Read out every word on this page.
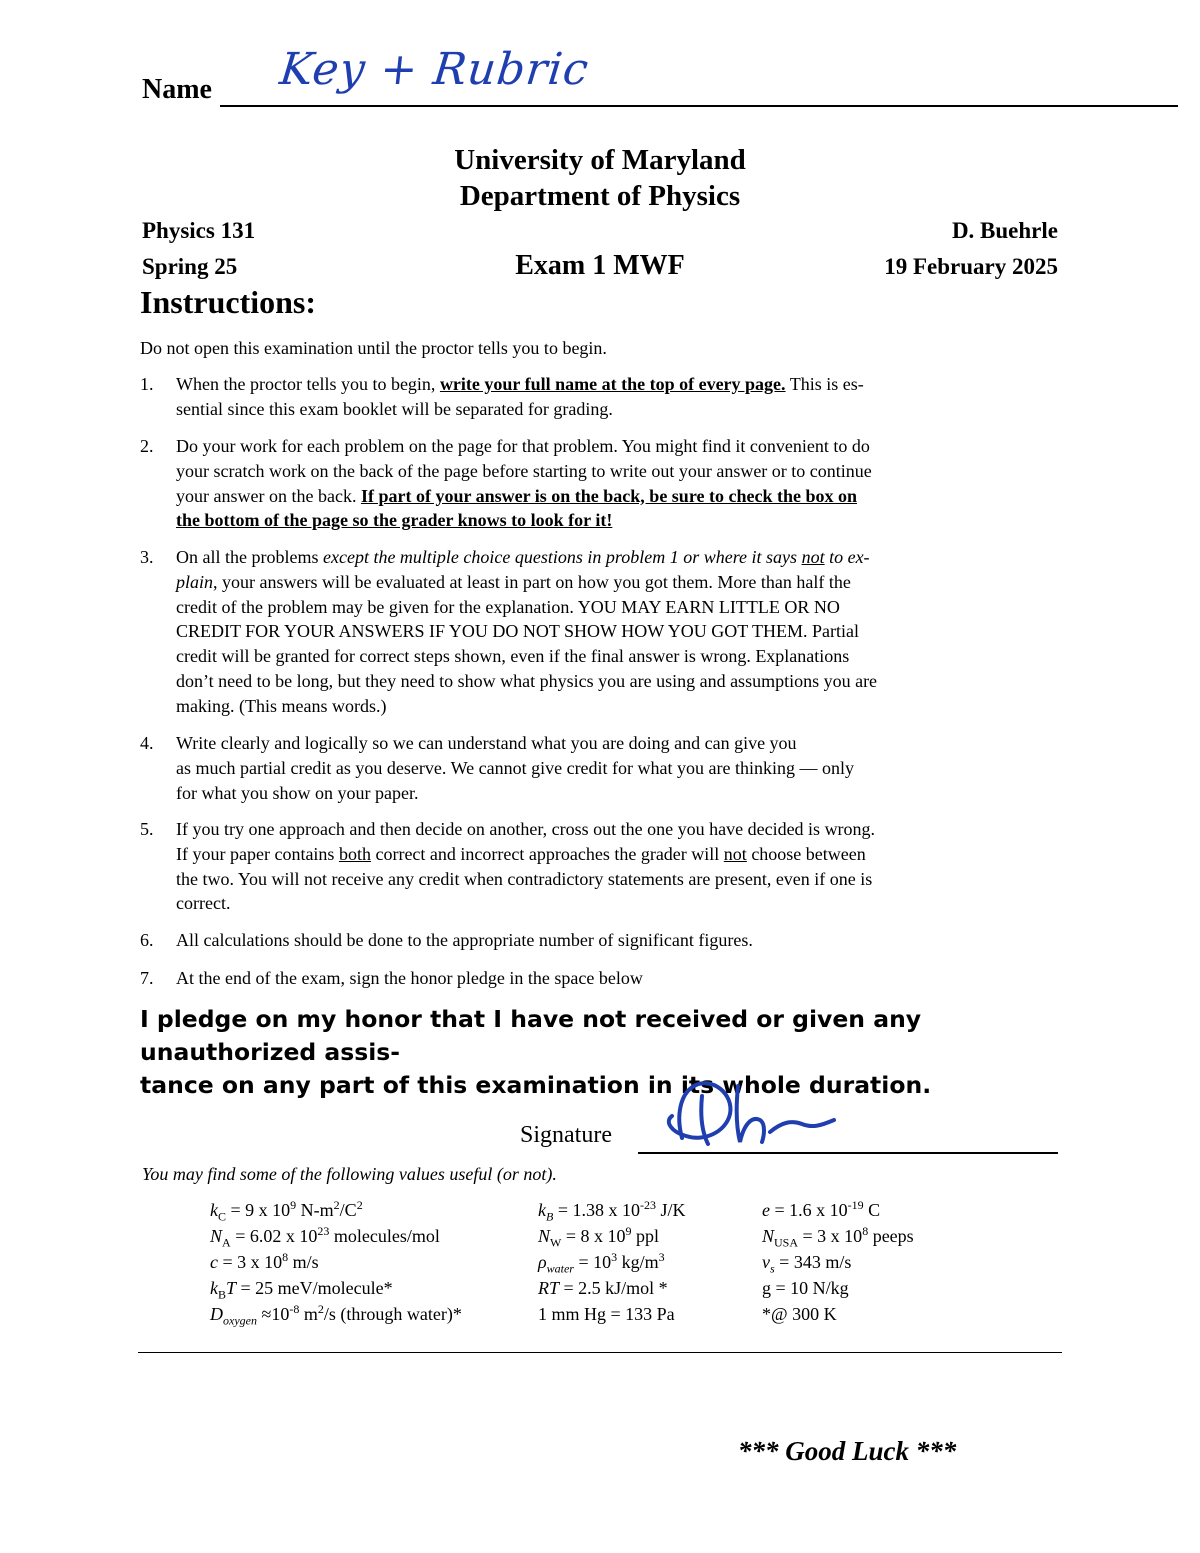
Name Key + Rubric
University of Maryland
Department of Physics
Physics 131
Spring 25
D. Buehrle
19 February 2025
Exam 1 MWF
Instructions:
Do not open this examination until the proctor tells you to begin.
1.	When the proctor tells you to begin, write your full name at the top of every page. This is es-
sential since this exam booklet will be separated for grading.
2.	Do your work for each problem on the page for that problem. You might find it convenient to do
your scratch work on the back of the page before starting to write out your answer or to continue
your answer on the back. If part of your answer is on the back, be sure to check the box on
the bottom of the page so the grader knows to look for it!
3.	On all the problems except the multiple choice questions in problem 1 or where it says not to ex-
plain, your answers will be evaluated at least in part on how you got them. More than half the
credit of the problem may be given for the explanation. YOU MAY EARN LITTLE OR NO
CREDIT FOR YOUR ANSWERS IF YOU DO NOT SHOW HOW YOU GOT THEM. Partial
credit will be granted for correct steps shown, even if the final answer is wrong. Explanations
don’t need to be long, but they need to show what physics you are using and assumptions you are
making. (This means words.)
4.	Write clearly and logically so we can understand what you are doing and can give you
as much partial credit as you deserve. We cannot give credit for what you are thinking — only
for what you show on your paper.
5.	If you try one approach and then decide on another, cross out the one you have decided is wrong.
If your paper contains both correct and incorrect approaches the grader will not choose between
the two. You will not receive any credit when contradictory statements are present, even if one is
correct.
6.	All calculations should be done to the appropriate number of significant figures.
7.	At the end of the exam, sign the honor pledge in the space below
I pledge on my honor that I have not received or given any unauthorized assis-
tance on any part of this examination in its whole duration.
Signature
You may find some of the following values useful (or not).
$k_C = 9$ x $10^9$ $N-m^2/C^2$	$k_B = 1.38$ x $10^{-23}$ J/K	e = 1.6 x $10^{-19}$ C
$N_A = 6.02$ x $10^{23}$ molecules/mol	$N_W = 8$ x $10^9$ ppl	$N_{USA} = 3$ x $10^8$ peeps
c = 3 x $10^8$ m/s	$\rho_{water} = 10^3$ $kg/m^3$	$v_s = 343$ m/s
$k_BT = 25$ meV/molecule*	RT = 2.5 kJ/mol *	g = 10 N/kg
$D_{oxygen} \approx 10^{-8}$ $m^2/s$ (through water)*	1 mm Hg = 133 Pa	*@ 300 K
*** Good Luck ***
